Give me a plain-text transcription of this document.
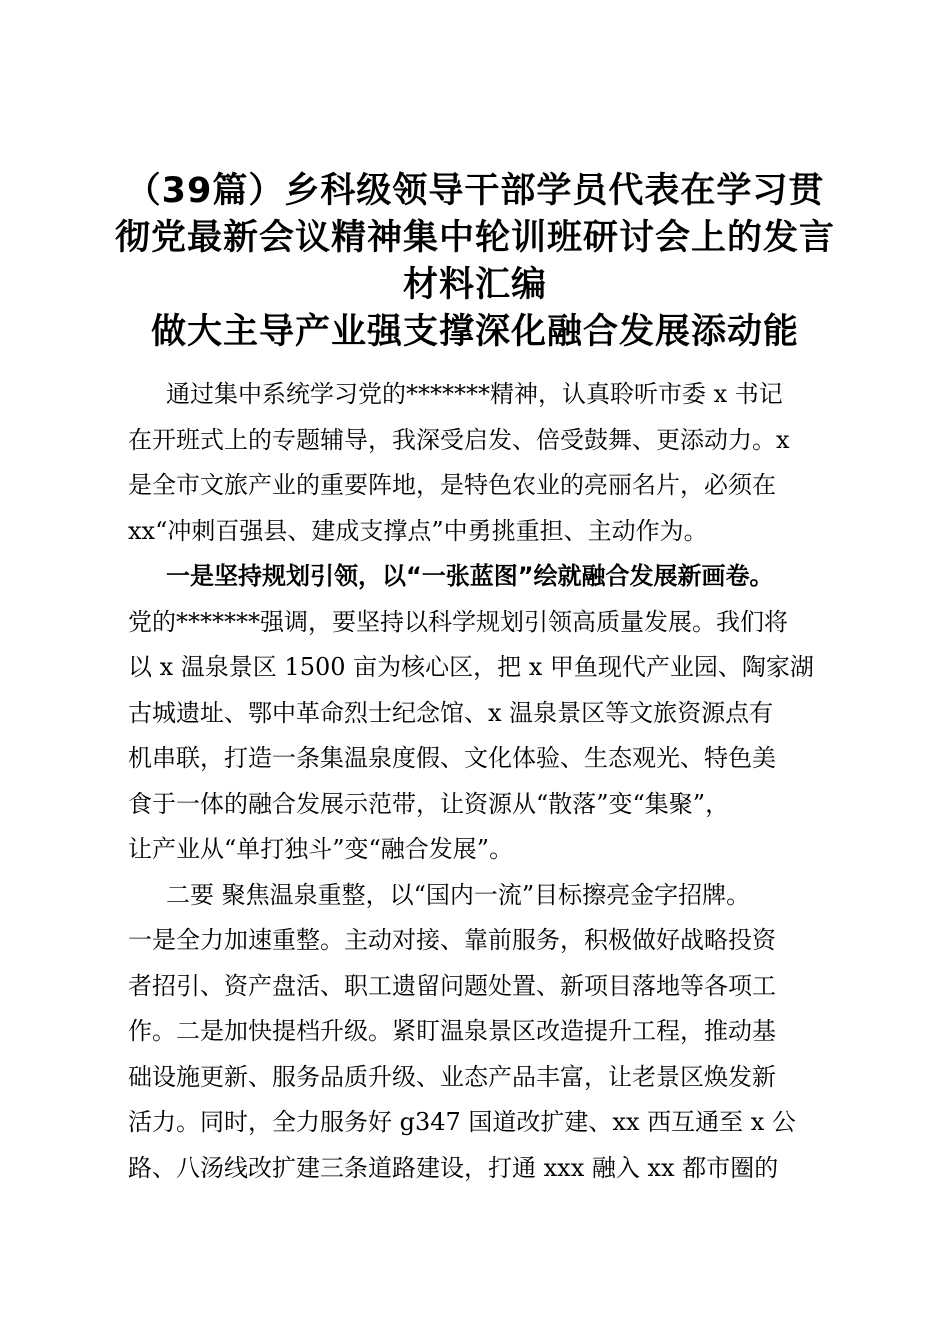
（39篇）乡科级领导干部学员代表在学习贯
彻党最新会议精神集中轮训班研讨会上的发言
材料汇编
做大主导产业强支撑深化融合发展添动能
通过集中系统学习党的*******精神，认真聆听市委 x 书记
在开班式上的专题辅导，我深受启发、倍受鼓舞、更添动力。x
是全市文旅产业的重要阵地，是特色农业的亮丽名片，必须在
xx“冲刺百强县、建成支撑点”中勇挑重担、主动作为。
一是坚持规划引领，以“一张蓝图”绘就融合发展新画卷。
党的*******强调，要坚持以科学规划引领高质量发展。我们将
以 x 温泉景区 1500 亩为核心区，把 x 甲鱼现代产业园、陶家湖
古城遗址、鄂中革命烈士纪念馆、x 温泉景区等文旅资源点有
机串联，打造一条集温泉度假、文化体验、生态观光、特色美
食于一体的融合发展示范带，让资源从“散落”变“集聚”，
让产业从“单打独斗”变“融合发展”。
二要 聚焦温泉重整，以“国内一流”目标擦亮金字招牌。
一是全力加速重整。主动对接、靠前服务，积极做好战略投资
者招引、资产盘活、职工遗留问题处置、新项目落地等各项工
作。二是加快提档升级。紧盯温泉景区改造提升工程，推动基
础设施更新、服务品质升级、业态产品丰富，让老景区焕发新
活力。同时，全力服务好 g347 国道改扩建、xx 西互通至 x 公
路、八汤线改扩建三条道路建设，打通 xxx 融入 xx 都市圈的
